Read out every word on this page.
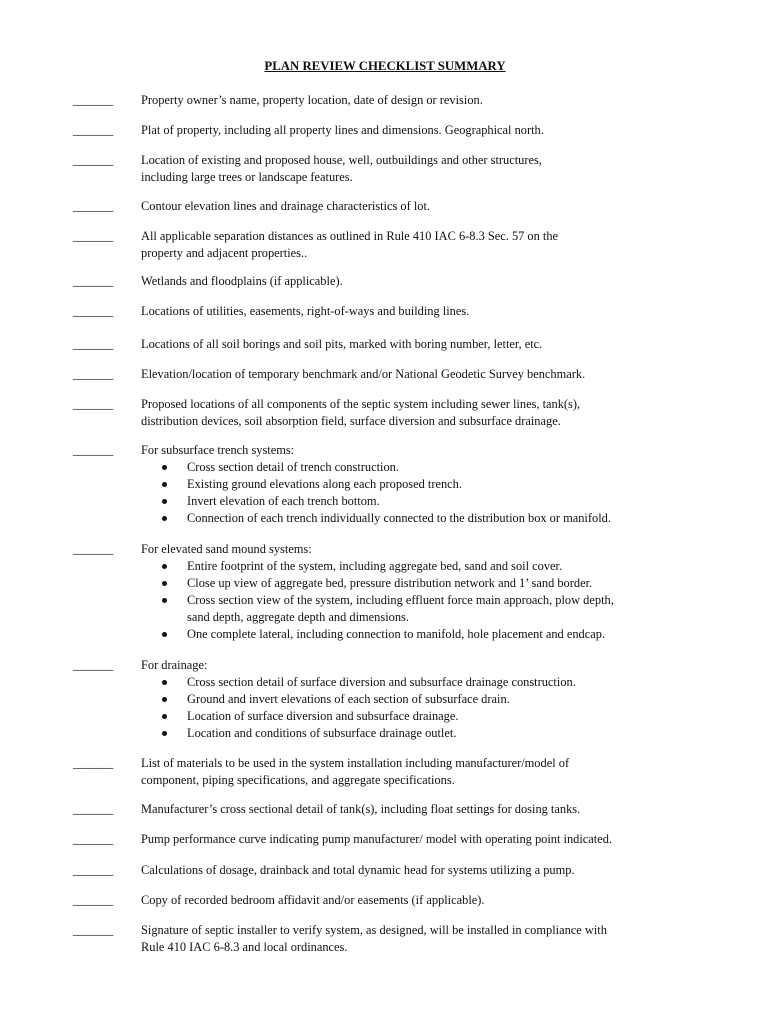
PLAN REVIEW CHECKLIST SUMMARY
_______ Property owner’s name, property location, date of design or revision.
_______ Plat of property, including all property lines and dimensions. Geographical north.
_______ Location of existing and proposed house, well, outbuildings and other structures,
including large trees or landscape features.
_______ Contour elevation lines and drainage characteristics of lot.
_______ All applicable separation distances as outlined in Rule 410 IAC 6-8.3 Sec. 57 on the
property and adjacent properties..
_______ Wetlands and floodplains (if applicable).
_______ Locations of utilities, easements, right-of-ways and building lines.
_______ Locations of all soil borings and soil pits, marked with boring number, letter, etc.
_______ Elevation/location of temporary benchmark and/or National Geodetic Survey benchmark.
_______ Proposed locations of all components of the septic system including sewer lines, tank(s),
distribution devices, soil absorption field, surface diversion and subsurface drainage.
_______ For subsurface trench systems:
Cross section detail of trench construction.
Existing ground elevations along each proposed trench.
Invert elevation of each trench bottom.
Connection of each trench individually connected to the distribution box or manifold.
_______ For elevated sand mound systems:
Entire footprint of the system, including aggregate bed, sand and soil cover.
Close up view of aggregate bed, pressure distribution network and 1’ sand border.
Cross section view of the system, including effluent force main approach, plow depth,
sand depth, aggregate depth and dimensions.
One complete lateral, including connection to manifold, hole placement and endcap.
_______ For drainage:
Cross section detail of surface diversion and subsurface drainage construction.
Ground and invert elevations of each section of subsurface drain.
Location of surface diversion and subsurface drainage.
Location and conditions of subsurface drainage outlet.
_______ List of materials to be used in the system installation including manufacturer/model of
component, piping specifications, and aggregate specifications.
_______ Manufacturer’s cross sectional detail of tank(s), including float settings for dosing tanks.
_______ Pump performance curve indicating pump manufacturer/ model with operating point indicated.
_______ Calculations of dosage, drainback and total dynamic head for systems utilizing a pump.
_______ Copy of recorded bedroom affidavit and/or easements (if applicable).
_______ Signature of septic installer to verify system, as designed, will be installed in compliance with
Rule 410 IAC 6-8.3 and local ordinances.
